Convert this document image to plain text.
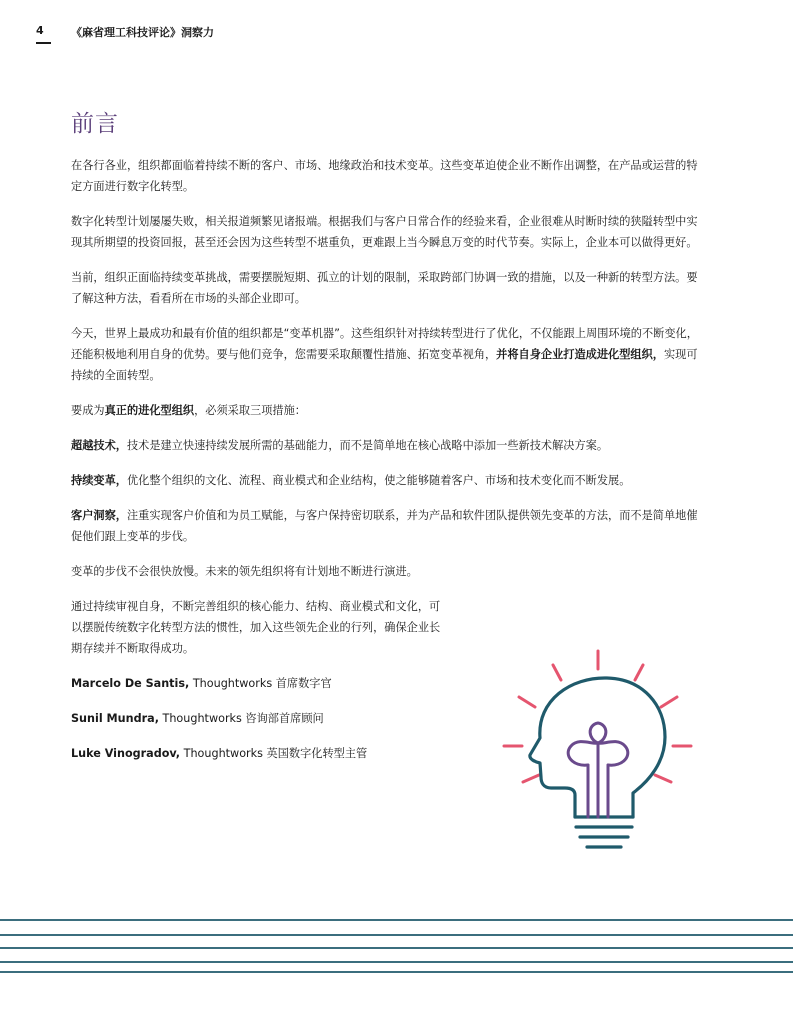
4 《麻省理工科技评论》洞察力
前言

在各行各业，组织都面临着持续不断的客户、市场、地缘政治和技术变革。这些变革迫使企业不断作出调整，在产品或运营的特定方面进行数字化转型。

数字化转型计划屡屡失败，相关报道频繁见诸报端。根据我们与客户日常合作的经验来看，企业很难从时断时续的狭隘转型中实现其所期望的投资回报，甚至还会因为这些转型不堪重负，更难跟上当今瞬息万变的时代节奏。实际上，企业本可以做得更好。

当前，组织正面临持续变革挑战，需要摆脱短期、孤立的计划的限制，采取跨部门协调一致的措施，以及一种新的转型方法。要了解这种方法，看看所在市场的头部企业即可。

今天，世界上最成功和最有价值的组织都是“变革机器”。这些组织针对持续转型进行了优化，不仅能跟上周围环境的不断变化，还能积极地利用自身的优势。要与他们竞争，您需要采取颠覆性措施、拓宽变革视角，并将自身企业打造成进化型组织，实现可持续的全面转型。

要成为真正的进化型组织，必须采取三项措施：

超越技术，技术是建立快速持续发展所需的基础能力，而不是简单地在核心战略中添加一些新技术解决方案。

持续变革，优化整个组织的文化、流程、商业模式和企业结构，使之能够随着客户、市场和技术变化而不断发展。

客户洞察，注重实现客户价值和为员工赋能，与客户保持密切联系，并为产品和软件团队提供领先变革的方法，而不是简单地催促他们跟上变革的步伐。

变革的步伐不会很快放慢。未来的领先组织将有计划地不断进行演进。

通过持续审视自身，不断完善组织的核心能力、结构、商业模式和文化，可以摆脱传统数字化转型方法的惯性，加入这些领先企业的行列，确保企业长期存续并不断取得成功。

Marcelo De Santis, Thoughtworks 首席数字官

Sunil Mundra, Thoughtworks 咨询部首席顾问

Luke Vinogradov, Thoughtworks 英国数字化转型主管
